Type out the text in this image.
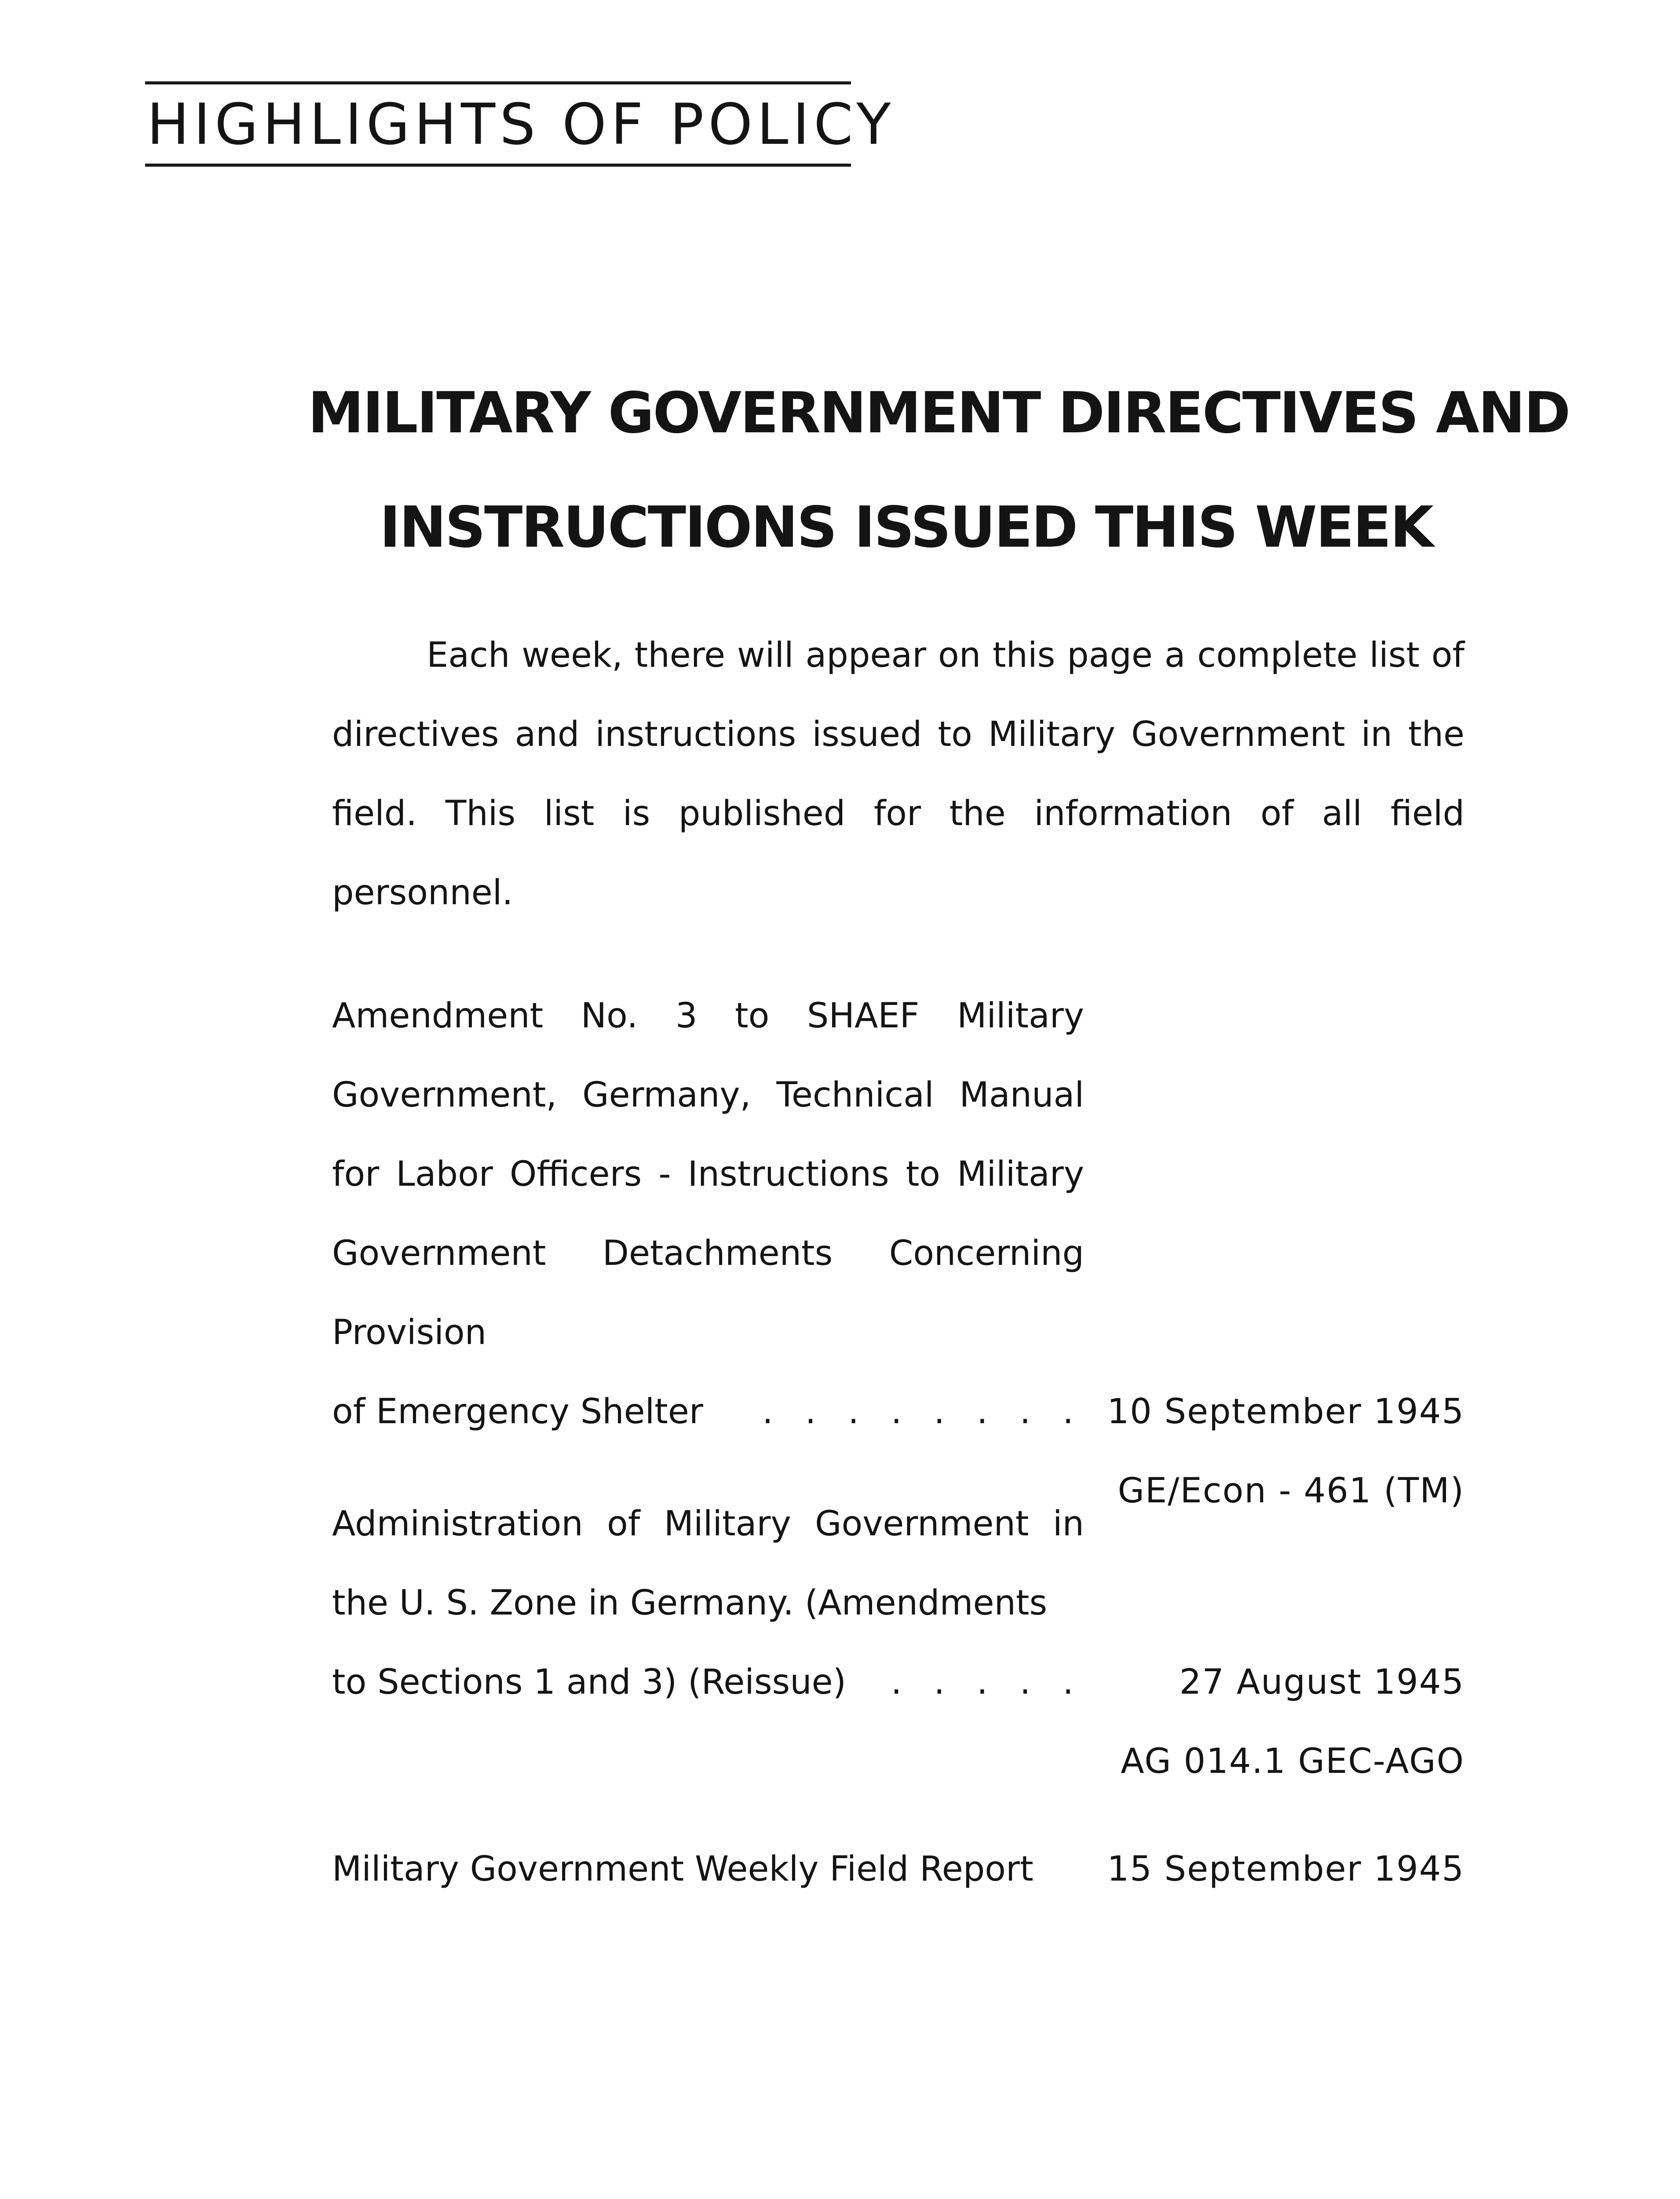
HIGHLIGHTS OF POLICY
MILITARY GOVERNMENT DIRECTIVES AND
INSTRUCTIONS ISSUED THIS WEEK
Each week, there will appear on this page a complete list of directives and instructions issued to Military Government in the field. This list is published for the information of all field personnel.
Amendment No. 3 to SHAEF Military Government, Germany, Technical Manual for Labor Officers - Instructions to Military Government Detachments Concerning Provision
of Emergency Shelter	. . . . . . . . 10 September 1945
GE/Econ - 461 (TM)
Administration of Military Government in the U. S. Zone in Germany. (Amendments
to Sections 1 and 3) (Reissue)	. . . . .	27 August 1945
AG 014.1 GEC-AGO
Military Government Weekly Field Report	15 September 1945
